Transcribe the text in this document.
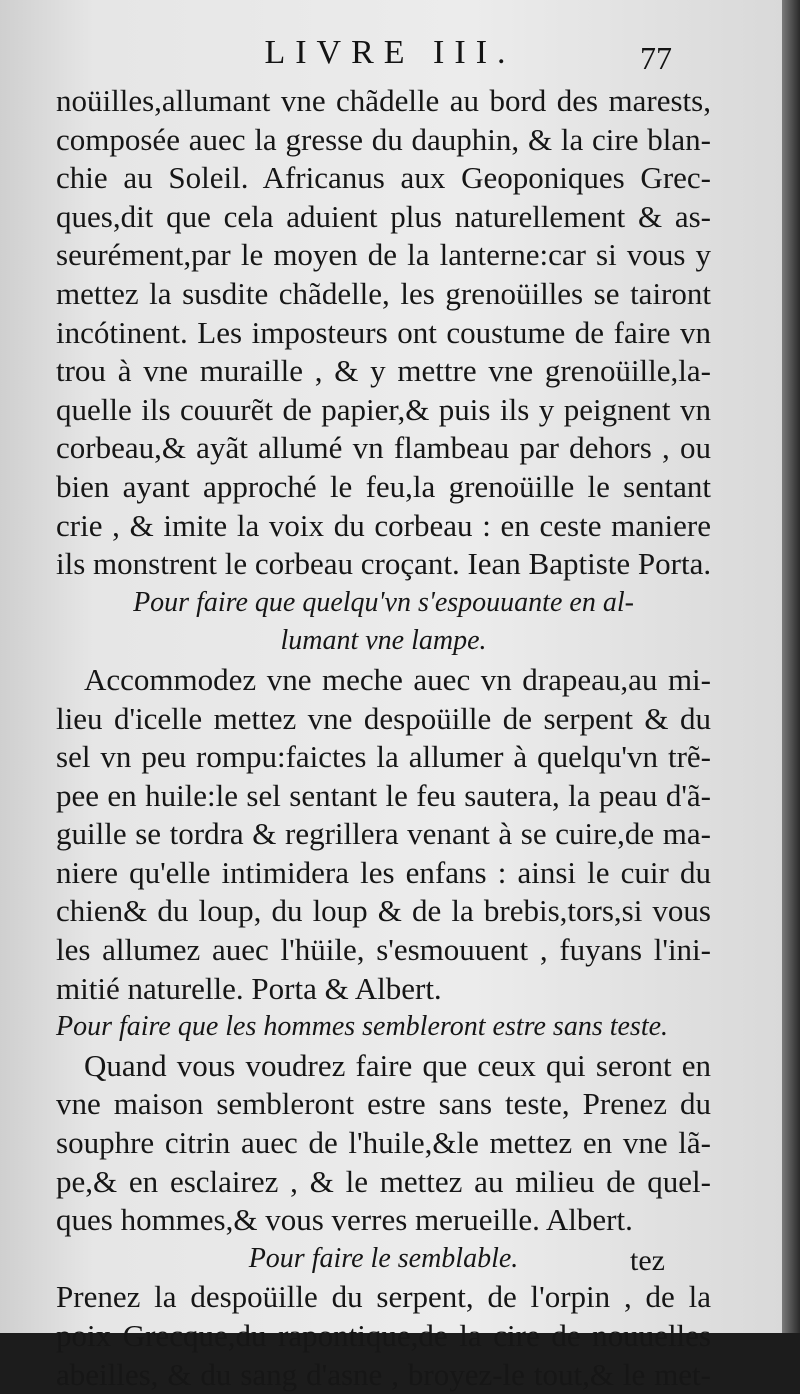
LIVRE III.	77
noüilles,allumant vne chãdelle au bord des marests,
composée auec la gresse du dauphin, & la cire blan-
chie au Soleil. Africanus aux Geoponiques Grec-
ques,dit que cela aduient plus naturellement & as-
seurément,par le moyen de la lanterne:car si vous y
mettez la susdite chãdelle, les grenoüilles se tairont
incótinent. Les imposteurs ont coustume de faire vn
trou à vne muraille , & y mettre vne grenoüille,la-
quelle ils couurẽt de papier,& puis ils y peignent vn
corbeau,& ayãt allumé vn flambeau par dehors , ou
bien ayant approché le feu,la grenoüille le sentant
crie , & imite la voix du corbeau : en ceste maniere
ils monstrent le corbeau croçant. Iean Baptiste Porta.
Pour faire que quelqu'vn s'espouuante en al-
lumant vne lampe.
Accommodez vne meche auec vn drapeau,au mi-
lieu d'icelle mettez vne despoüille de serpent & du
sel vn peu rompu:faictes la allumer à quelqu'vn trẽ-
pee en huile:le sel sentant le feu sautera, la peau d'ã-
guille se tordra & regrillera venant à se cuire,de ma-
niere qu'elle intimidera les enfans : ainsi le cuir du
chien& du loup, du loup & de la brebis,tors,si vous
les allumez auec l'hüile, s'esmouuent , fuyans l'ini-
mitié naturelle. Porta & Albert.
Pour faire que les hommes sembleront estre sans teste.
Quand vous voudrez faire que ceux qui seront en
vne maison sembleront estre sans teste, Prenez du
souphre citrin auec de l'huile,&le mettez en vne lã-
pe,& en esclairez , & le mettez au milieu de quel-
ques hommes,& vous verres merueille. Albert.
Pour faire le semblable.
Prenez la despoüille du serpent, de l'orpin , de la
poix Grecque,du rapontique,de la cire de nouuelles
abeilles, & du sang d'asne , broyez-le tout,& le met-
tez
